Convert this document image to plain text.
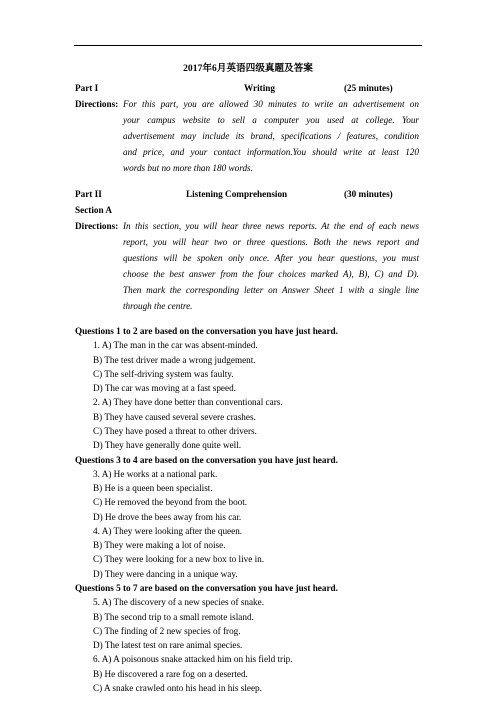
2017年6月英语四级真题及答案
Part I	Writing	(25 minutes)
Directions: For this part, you are allowed 30 minutes to write an advertisement on
your campus website to sell a computer you used at college. Your
advertisement may include its brand, specifications / features, condition
and price, and your contact information.You should write at least 120
words but no more than 180 words.
Part II	Listening Comprehension	(30 minutes)
Section A
Directions: In this section, you will hear three news reports. At the end of each news
report, you will hear two or three questions. Both the news report and
questions will be spoken only once. After you hear questions, you must
choose the best answer from the four choices marked A), B), C) and D).
Then mark the corresponding letter on Answer Sheet 1 with a single line
through the centre.
Questions 1 to 2 are based on the conversation you have just heard.
1. A) The man in the car was absent-minded.
B) The test driver made a wrong judgement.
C) The self-driving system was faulty.
D) The car was moving at a fast speed.
2. A) They have done better than conventional cars.
B) They have caused several severe crashes.
C) They have posed a threat to other drivers.
D) They have generally done quite well.
Questions 3 to 4 are based on the conversation you have just heard.
3. A) He works at a national park.
B) He is a queen been specialist.
C) He removed the beyond from the boot.
D) He drove the bees away from his car.
4. A) They were looking after the queen.
B) They were making a lot of noise.
C) They were looking for a new box to live in.
D) They were dancing in a unique way.
Questions 5 to 7 are based on the conversation you have just heard.
5. A) The discovery of a new species of snake.
B) The second trip to a small remote island.
C) The finding of 2 new species of frog.
D) The latest test on rare animal species.
6. A) A poisonous snake attacked him on his field trip.
B) He discovered a rare fog on a deserted.
C) A snake crawled onto his head in his sleep.
